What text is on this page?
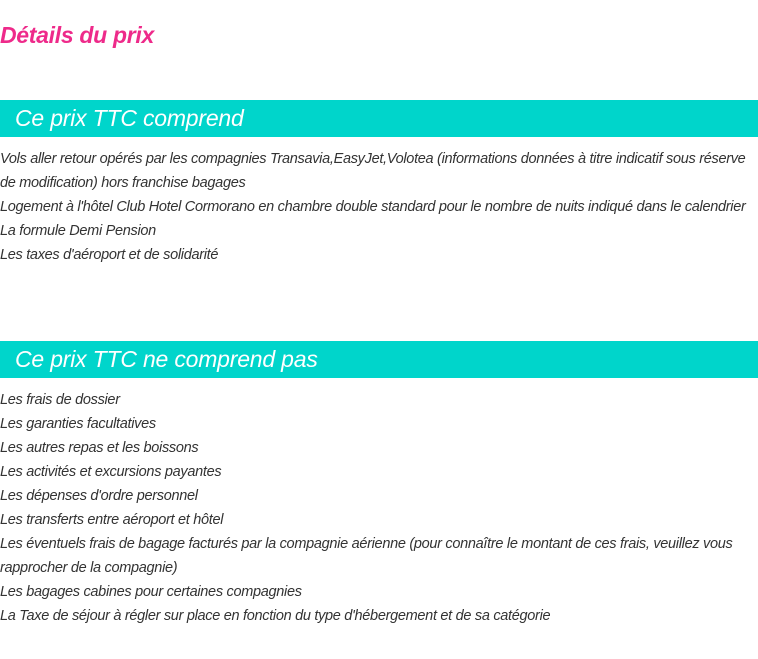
Détails du prix
Ce prix TTC comprend
Vols aller retour opérés par les compagnies Transavia,EasyJet,Volotea (informations données à titre indicatif sous réserve de modification) hors franchise bagages
Logement à l'hôtel Club Hotel Cormorano en chambre double standard pour le nombre de nuits indiqué dans le calendrier
La formule Demi Pension
Les taxes d'aéroport et de solidarité
Ce prix TTC ne comprend pas
Les frais de dossier
Les garanties facultatives
Les autres repas et les boissons
Les activités et excursions payantes
Les dépenses d'ordre personnel
Les transferts entre aéroport et hôtel
Les éventuels frais de bagage facturés par la compagnie aérienne (pour connaître le montant de ces frais, veuillez vous rapprocher de la compagnie)
Les bagages cabines pour certaines compagnies
La Taxe de séjour à régler sur place en fonction du type d'hébergement et de sa catégorie
